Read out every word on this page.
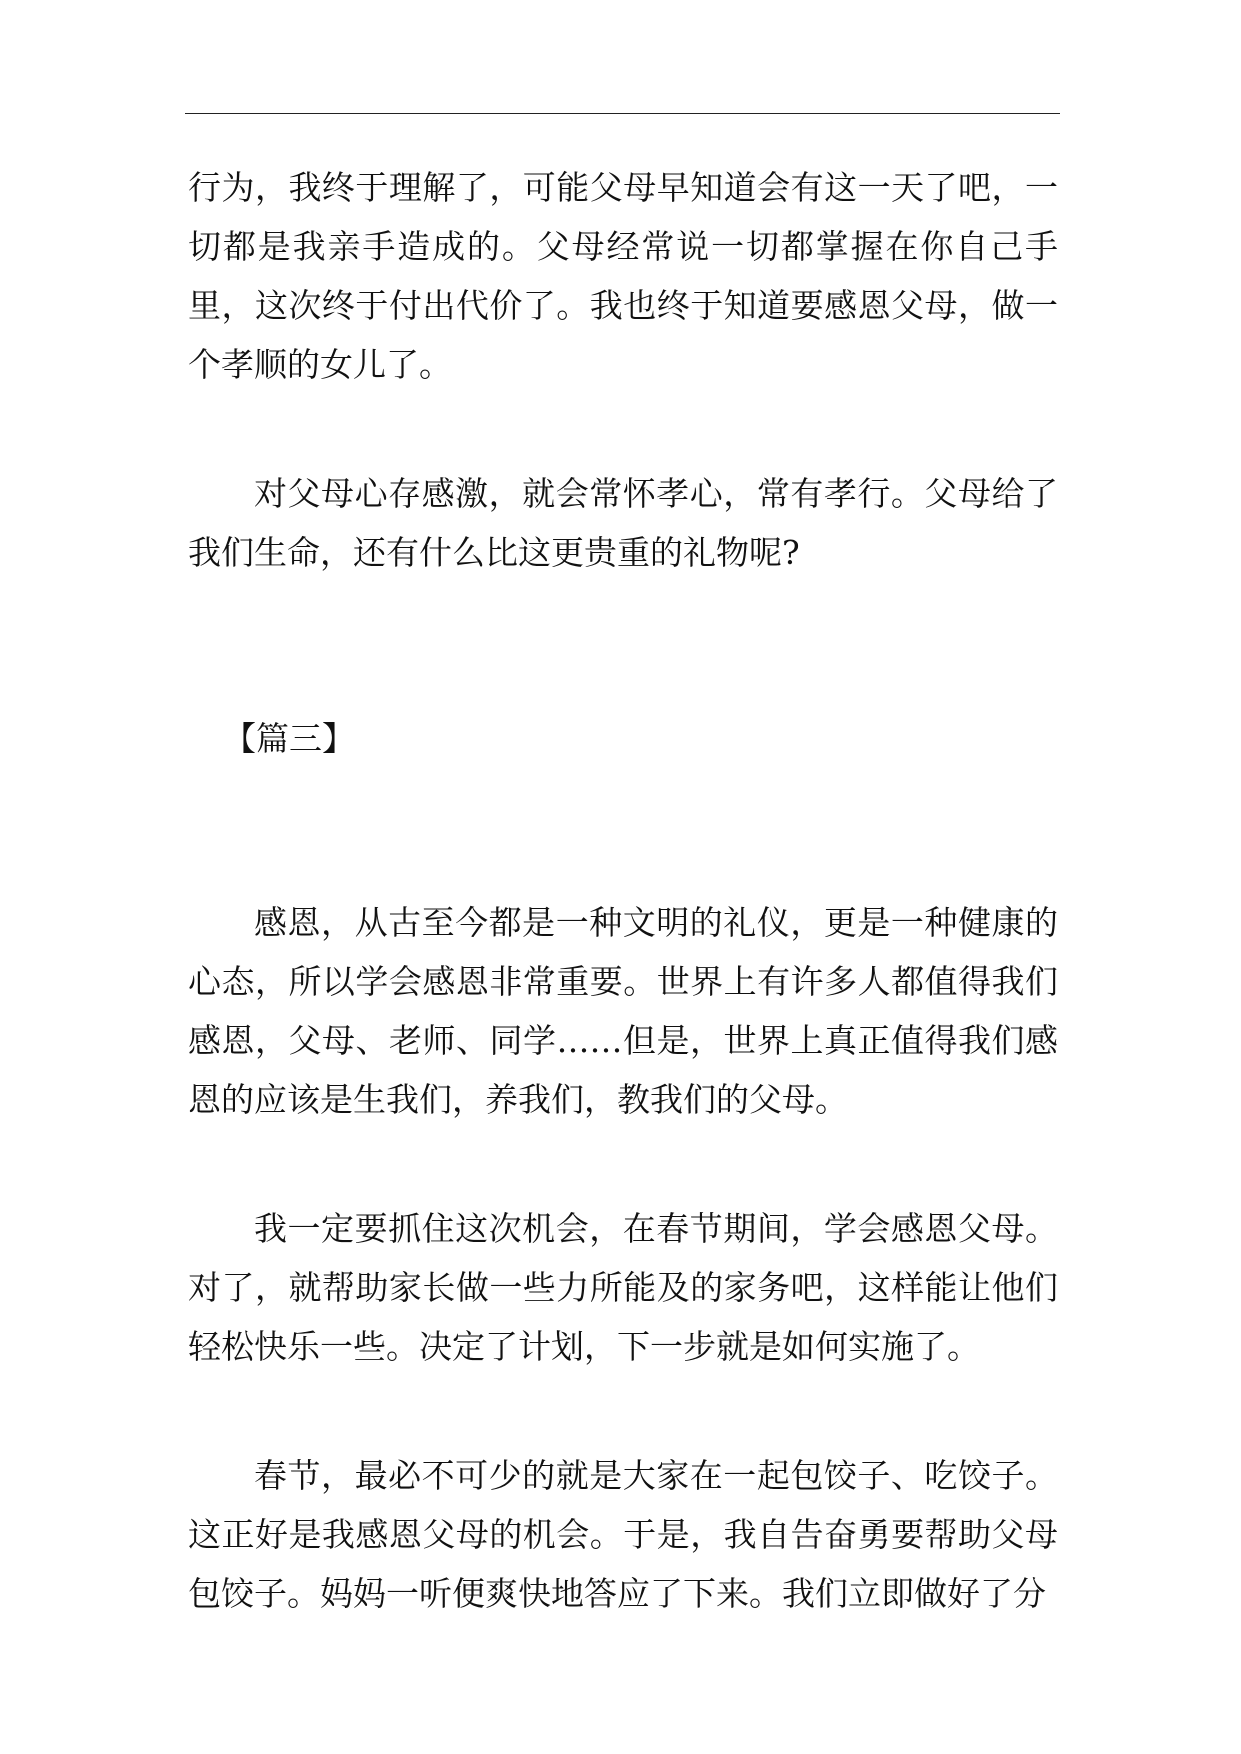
行为，我终于理解了，可能父母早知道会有这一天了吧，一切都是我亲手造成的。父母经常说一切都掌握在你自己手里，这次终于付出代价了。我也终于知道要感恩父母，做一个孝顺的女儿了。

对父母心存感激，就会常怀孝心，常有孝行。父母给了我们生命，还有什么比这更贵重的礼物呢?

【篇三】

感恩，从古至今都是一种文明的礼仪，更是一种健康的心态，所以学会感恩非常重要。世界上有许多人都值得我们感恩，父母、老师、同学……但是，世界上真正值得我们感恩的应该是生我们，养我们，教我们的父母。

我一定要抓住这次机会，在春节期间，学会感恩父母。对了，就帮助家长做一些力所能及的家务吧，这样能让他们轻松快乐一些。决定了计划，下一步就是如何实施了。

春节，最必不可少的就是大家在一起包饺子、吃饺子。这正好是我感恩父母的机会。于是，我自告奋勇要帮助父母包饺子。妈妈一听便爽快地答应了下来。我们立即做好了分
